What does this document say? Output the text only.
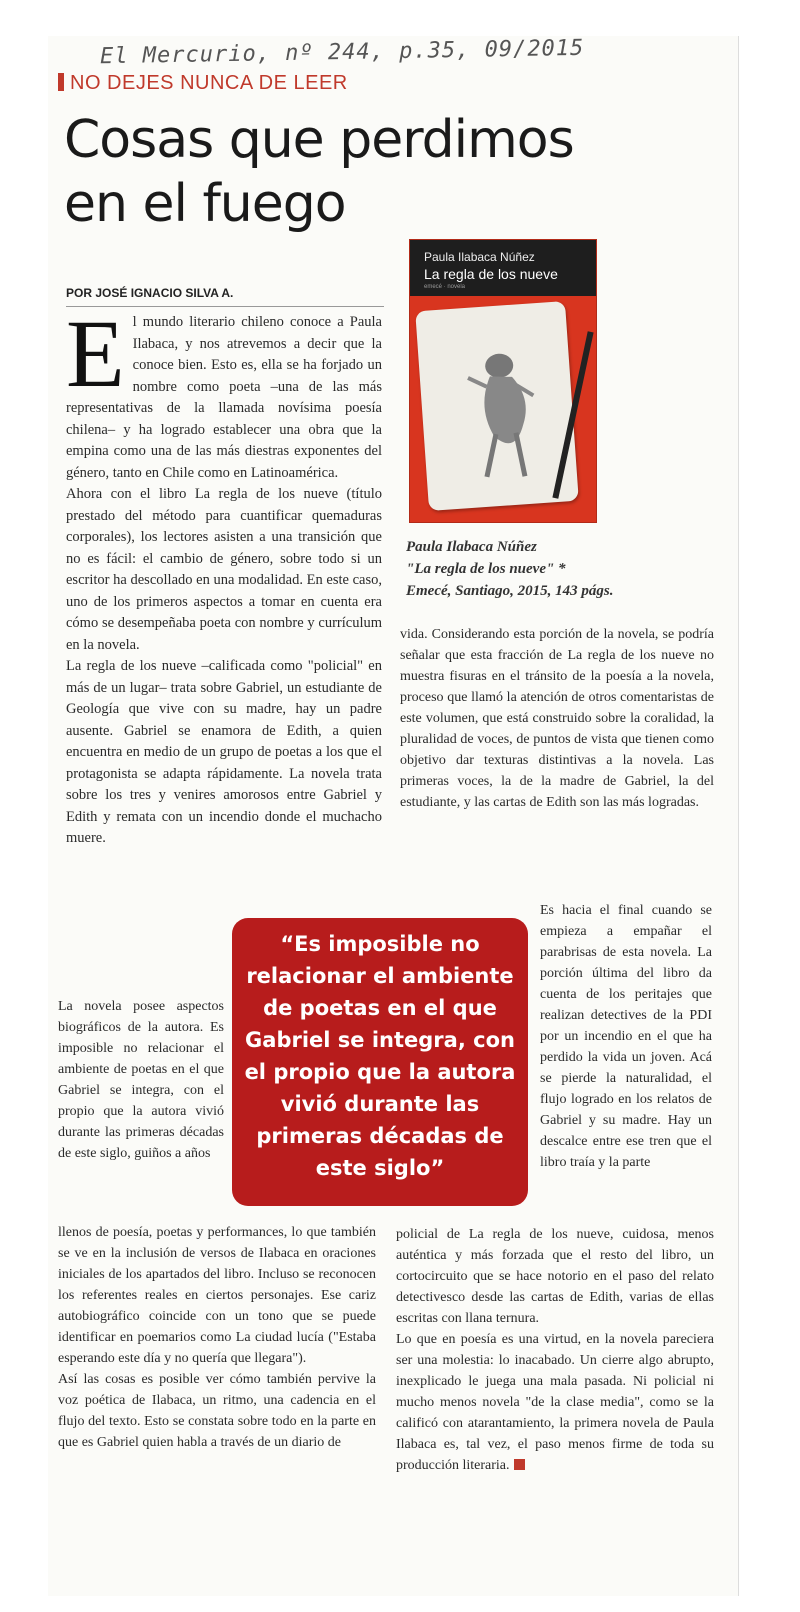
El Mercurio, nº 244, p.35, 09/2015
NO DEJES NUNCA DE LEER
Cosas que perdimos en el fuego
POR JOSÉ IGNACIO SILVA A.
Paula Ilabaca Núñez
La regla de los nueve
emecé · novela
Paula Ilabaca Núñez
"La regla de los nueve" *
Emecé, Santiago, 2015, 143 págs.
E l mundo literario chileno conoce a Paula Ilabaca, y nos atrevemos a decir que la conoce bien. Esto es, ella se ha forjado un nombre como poeta –una de las más representativas de la llamada novísima poesía chilena– y ha logrado establecer una obra que la empina como una de las más diestras exponentes del género, tanto en Chile como en Latinoamérica.

Ahora con el libro La regla de los nueve (título prestado del método para cuantificar quemaduras corporales), los lectores asisten a una transición que no es fácil: el cambio de género, sobre todo si un escritor ha descollado en una modalidad. En este caso, uno de los primeros aspectos a tomar en cuenta era cómo se desempeñaba poeta con nombre y currículum en la novela.

La regla de los nueve –calificada como "policial" en más de un lugar– trata sobre Gabriel, un estudiante de Geología que vive con su madre, hay un padre ausente. Gabriel se enamora de Edith, a quien encuentra en medio de un grupo de poetas a los que el protagonista se adapta rápidamente. La novela trata sobre los tres y venires amorosos entre Gabriel y Edith y remata con un incendio donde el muchacho muere.

La novela posee aspectos biográficos de la autora. Es imposible no relacionar el ambiente de poetas en el que Gabriel se integra, con el propio que la autora vivió durante las primeras décadas de este siglo, guiños a años

llenos de poesía, poetas y performances, lo que también se ve en la inclusión de versos de Ilabaca en oraciones iniciales de los apartados del libro. Incluso se reconocen los referentes reales en ciertos personajes. Ese cariz autobiográfico coincide con un tono que se puede identificar en poemarios como La ciudad lucía ("Estaba esperando este día y no quería que llegara").

Así las cosas es posible ver cómo también pervive la voz poética de Ilabaca, un ritmo, una cadencia en el flujo del texto. Esto se constata sobre todo en la parte en que es Gabriel quien habla a través de un diario de

vida. Considerando esta porción de la novela, se podría señalar que esta fracción de La regla de los nueve no muestra fisuras en el tránsito de la poesía a la novela, proceso que llamó la atención de otros comentaristas de este volumen, que está construido sobre la coralidad, la pluralidad de voces, de puntos de vista que tienen como objetivo dar texturas distintivas a la novela. Las primeras voces, la de la madre de Gabriel, la del estudiante, y las cartas de Edith son las más logradas.

Es hacia el final cuando se empieza a empañar el parabrisas de esta novela. La porción última del libro da cuenta de los peritajes que realizan detectives de la PDI por un incendio en el que ha perdido la vida un joven. Acá se pierde la naturalidad, el flujo logrado en los relatos de Gabriel y su madre. Hay un descalce entre ese tren que el libro traía y la parte

policial de La regla de los nueve, cuidosa, menos auténtica y más forzada que el resto del libro, un cortocircuito que se hace notorio en el paso del relato detectivesco desde las cartas de Edith, varias de ellas escritas con llana ternura.

Lo que en poesía es una virtud, en la novela pareciera ser una molestia: lo inacabado. Un cierre algo abrupto, inexplicado le juega una mala pasada. Ni policial ni mucho menos novela "de la clase media", como se la calificó con atarantamiento, la primera novela de Paula Ilabaca es, tal vez, el paso menos firme de toda su producción literaria.

“Es imposible no relacionar el ambiente de poetas en el que Gabriel se integra, con el propio que la autora vivió durante las primeras décadas de este siglo”
